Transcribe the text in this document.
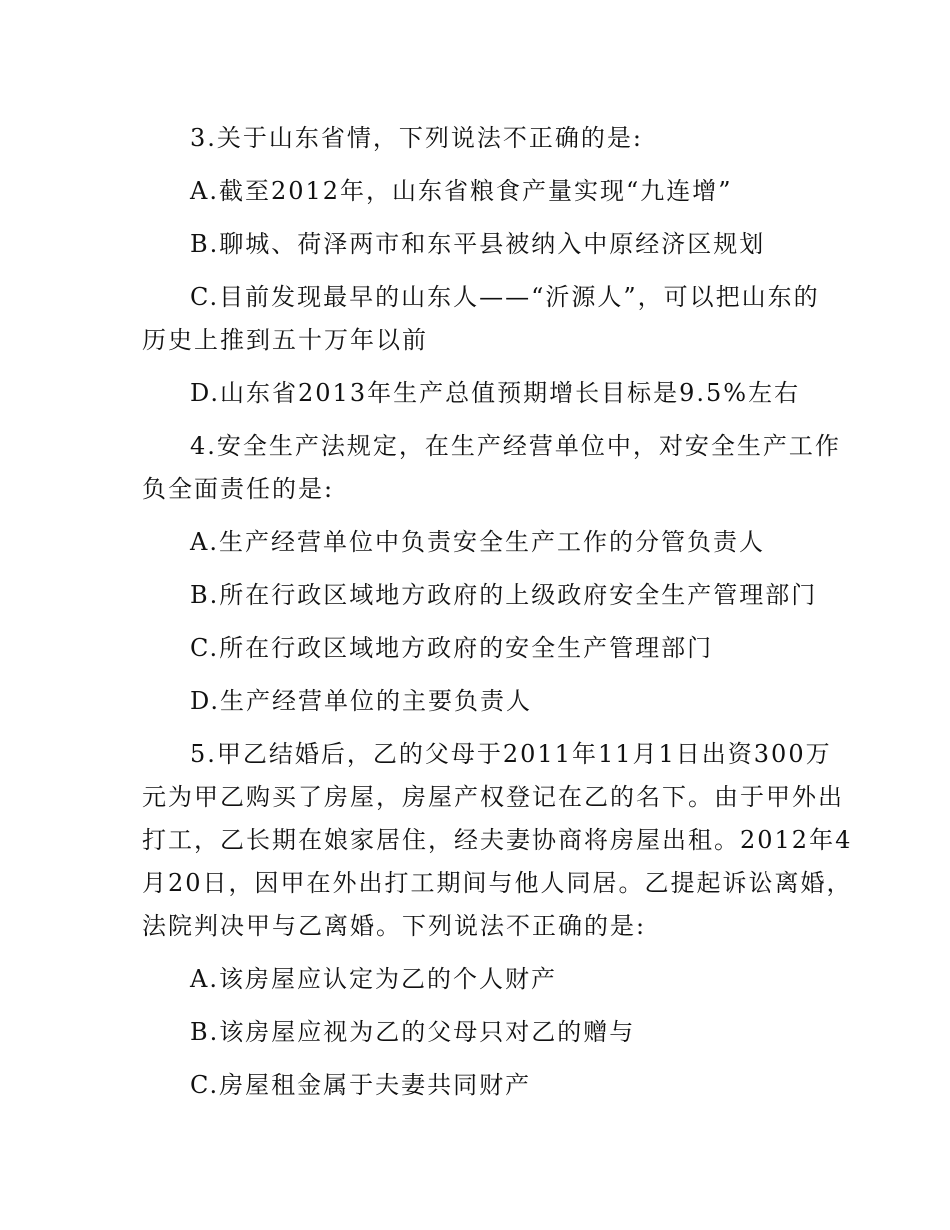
3.关于山东省情，下列说法不正确的是:
A.截至2012年，山东省粮食产量实现“九连增”
B.聊城、荷泽两市和东平县被纳入中原经济区规划
C.目前发现最早的山东人——“沂源人”，可以把山东的
历史上推到五十万年以前
D.山东省2013年生产总值预期增长目标是9.5%左右
4.安全生产法规定，在生产经营单位中，对安全生产工作
负全面责任的是:
A.生产经营单位中负责安全生产工作的分管负责人
B.所在行政区域地方政府的上级政府安全生产管理部门
C.所在行政区域地方政府的安全生产管理部门
D.生产经营单位的主要负责人
5.甲乙结婚后，乙的父母于2011年11月1日出资300万
元为甲乙购买了房屋，房屋产权登记在乙的名下。由于甲外出
打工，乙长期在娘家居住，经夫妻协商将房屋出租。2012年4
月20日，因甲在外出打工期间与他人同居。乙提起诉讼离婚，
法院判决甲与乙离婚。下列说法不正确的是:
A.该房屋应认定为乙的个人财产
B.该房屋应视为乙的父母只对乙的赠与
C.房屋租金属于夫妻共同财产
